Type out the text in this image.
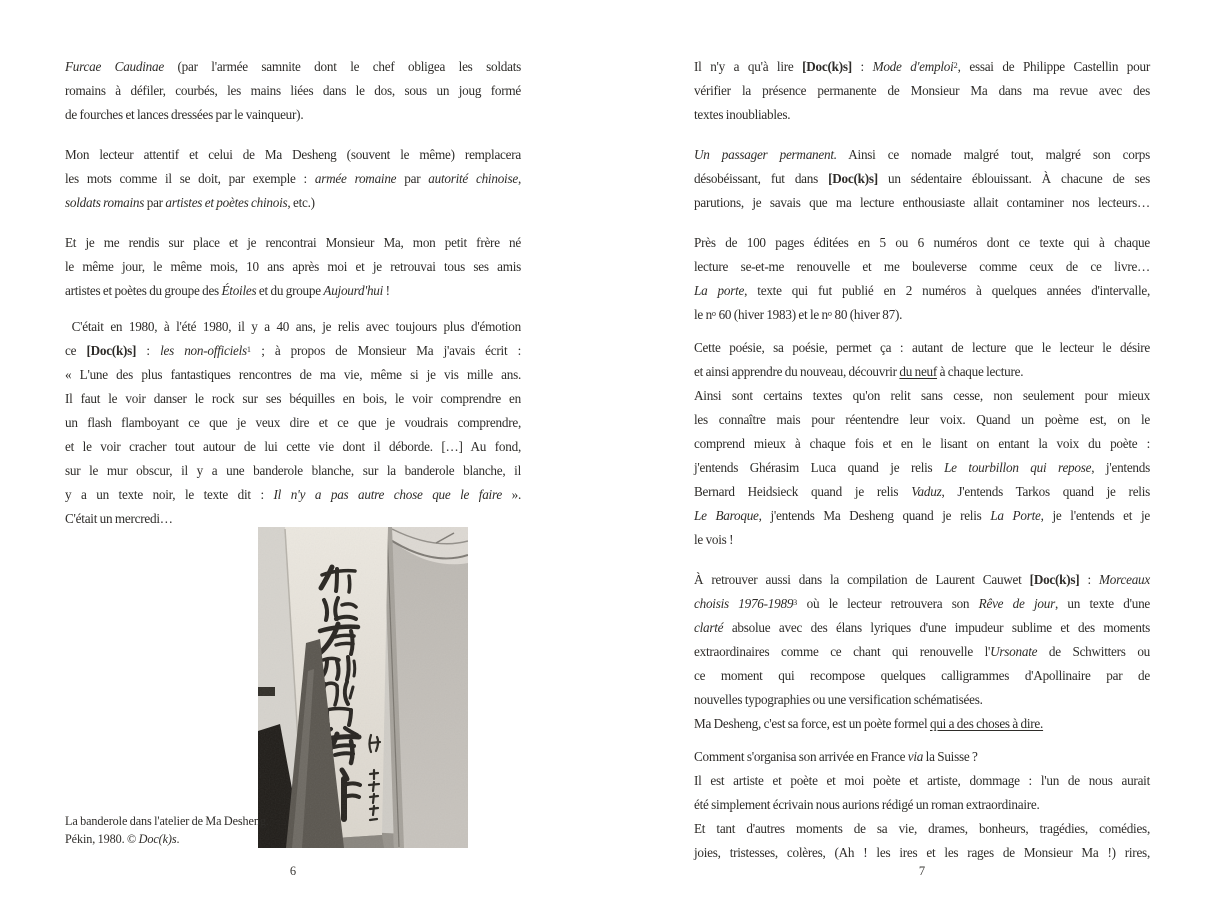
Furcae Caudinae (par l'armée samnite dont le chef obligea les soldats
romains à défiler, courbés, les mains liées dans le dos, sous un joug formé
de fourches et lances dressées par le vainqueur).
Mon lecteur attentif et celui de Ma Desheng (souvent le même) remplacera
les mots comme il se doit, par exemple : armée romaine par autorité chinoise,
soldats romains par artistes et poètes chinois, etc.)
Et je me rendis sur place et je rencontrai Monsieur Ma, mon petit frère né
le même jour, le même mois, 10 ans après moi et je retrouvai tous ses amis
artistes et poètes du groupe des Étoiles et du groupe Aujourd'hui !
C'était en 1980, à l'été 1980, il y a 40 ans, je relis avec toujours plus d'émotion
ce [Doc(k)s] : les non-officiels$^1$ ; à propos de Monsieur Ma j'avais écrit :
« L'une des plus fantastiques rencontres de ma vie, même si je vis mille ans.
Il faut le voir danser le rock sur ses béquilles en bois, le voir comprendre en
un flash flamboyant ce que je veux dire et ce que je voudrais comprendre,
et le voir cracher tout autour de lui cette vie dont il déborde. […] Au fond,
sur le mur obscur, il y a une banderole blanche, sur la banderole blanche, il
y a un texte noir, le texte dit : Il n'y a pas autre chose que le faire ».
C'était un mercredi…
La banderole dans l'atelier de Ma Desheng.
Pékin, 1980. © Doc(k)s.
6
Il n'y a qu'à lire [Doc(k)s] : Mode d'emploi$^2$, essai de Philippe Castellin pour
vérifier la présence permanente de Monsieur Ma dans ma revue avec des
textes inoubliables.
Un passager permanent. Ainsi ce nomade malgré tout, malgré son corps
désobéissant, fut dans [Doc(k)s] un sédentaire éblouissant. À chacune de ses
parutions, je savais que ma lecture enthousiaste allait contaminer nos lecteurs…
Près de 100 pages éditées en 5 ou 6 numéros dont ce texte qui à chaque
lecture se-et-me renouvelle et me bouleverse comme ceux de ce livre…
La porte, texte qui fut publié en 2 numéros à quelques années d'intervalle,
le $n^o$ 60 (hiver 1983) et le $n^o$ 80 (hiver 87).
Cette poésie, sa poésie, permet ça : autant de lecture que le lecteur le désire
et ainsi apprendre du nouveau, découvrir du neuf à chaque lecture.
Ainsi sont certains textes qu'on relit sans cesse, non seulement pour mieux
les connaître mais pour réentendre leur voix. Quand un poème est, on le
comprend mieux à chaque fois et en le lisant on entant la voix du poète :
j'entends Ghérasim Luca quand je relis Le tourbillon qui repose, j'entends
Bernard Heidsieck quand je relis Vaduz, J'entends Tarkos quand je relis
Le Baroque, j'entends Ma Desheng quand je relis La Porte, je l'entends et je
le vois !
À retrouver aussi dans la compilation de Laurent Cauwet [Doc(k)s] : Morceaux
choisis 1976-1989$^3$ où le lecteur retrouvera son Rêve de jour, un texte d'une
clarté absolue avec des élans lyriques d'une impudeur sublime et des moments
extraordinaires comme ce chant qui renouvelle l'Ursonate de Schwitters ou
ce moment qui recompose quelques calligrammes d'Apollinaire par de
nouvelles typographies ou une versification schématisées.
Ma Desheng, c'est sa force, est un poète formel qui a des choses à dire.
Comment s'organisa son arrivée en France via la Suisse ?
Il est artiste et poète et moi poète et artiste, dommage : l'un de nous aurait
été simplement écrivain nous aurions rédigé un roman extraordinaire.
Et tant d'autres moments de sa vie, drames, bonheurs, tragédies, comédies,
joies, tristesses, colères, (Ah ! les ires et les rages de Monsieur Ma !) rires,
7
